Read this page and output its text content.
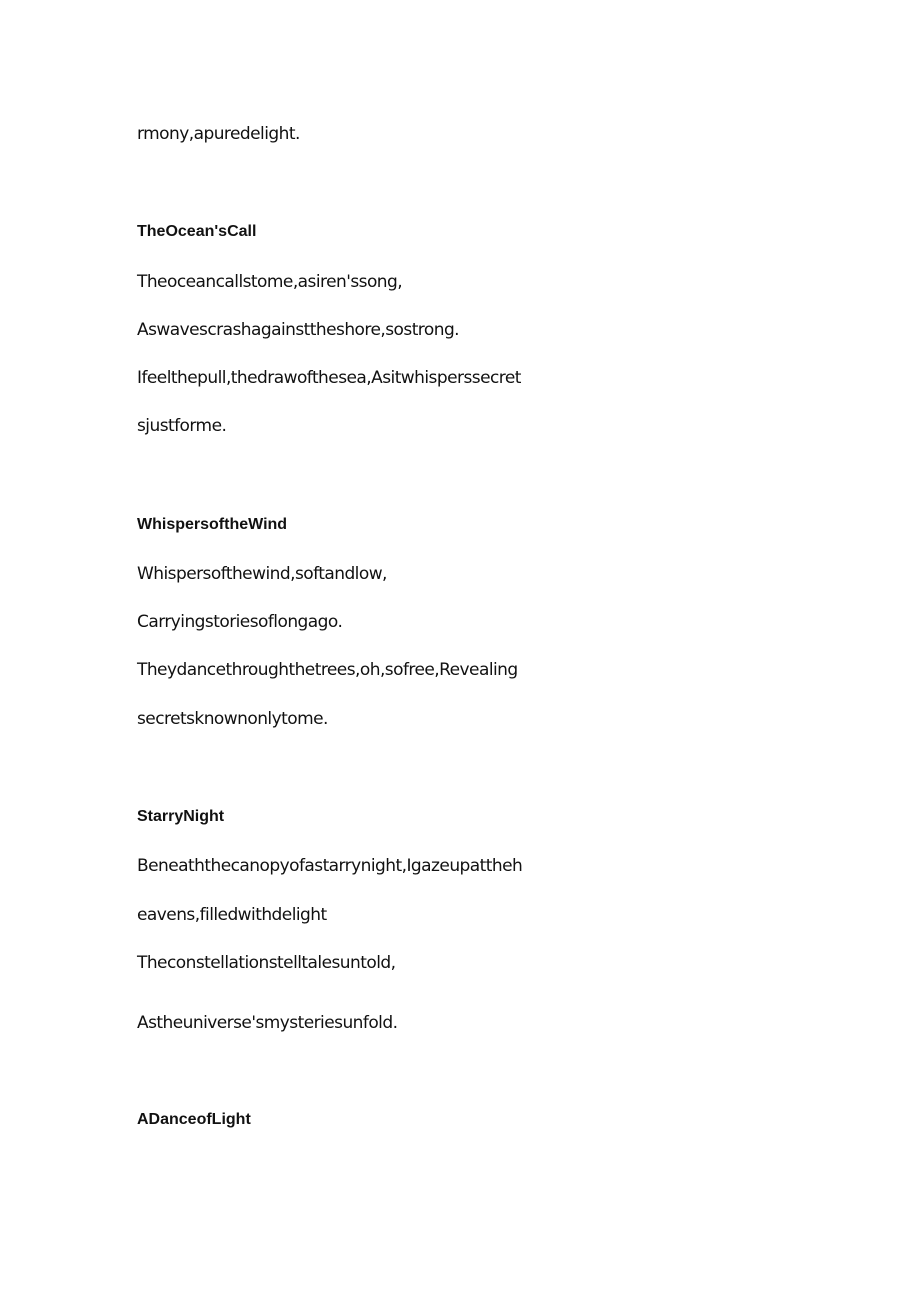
rmony,apuredelight.
TheOcean'sCall
Theoceancallstome,asiren'ssong,
Aswavescrashagainsttheshore,sostrong.
Ifeelthepull,thedrawofthesea,Asitwhisperssecret
sjustforme.
WhispersoftheWind
Whispersofthewind,softandlow,
Carryingstoriesoflongago.
Theydancethroughthetrees,oh,sofree,Revealing
secretsknownonlytome.
StarryNight
Beneaththecanopyofastarrynight,Igazeupattheh
eavens,filledwithdelight
Theconstellationstelltalesuntold,
Astheuniverse'smysteriesunfold.
ADanceofLight
